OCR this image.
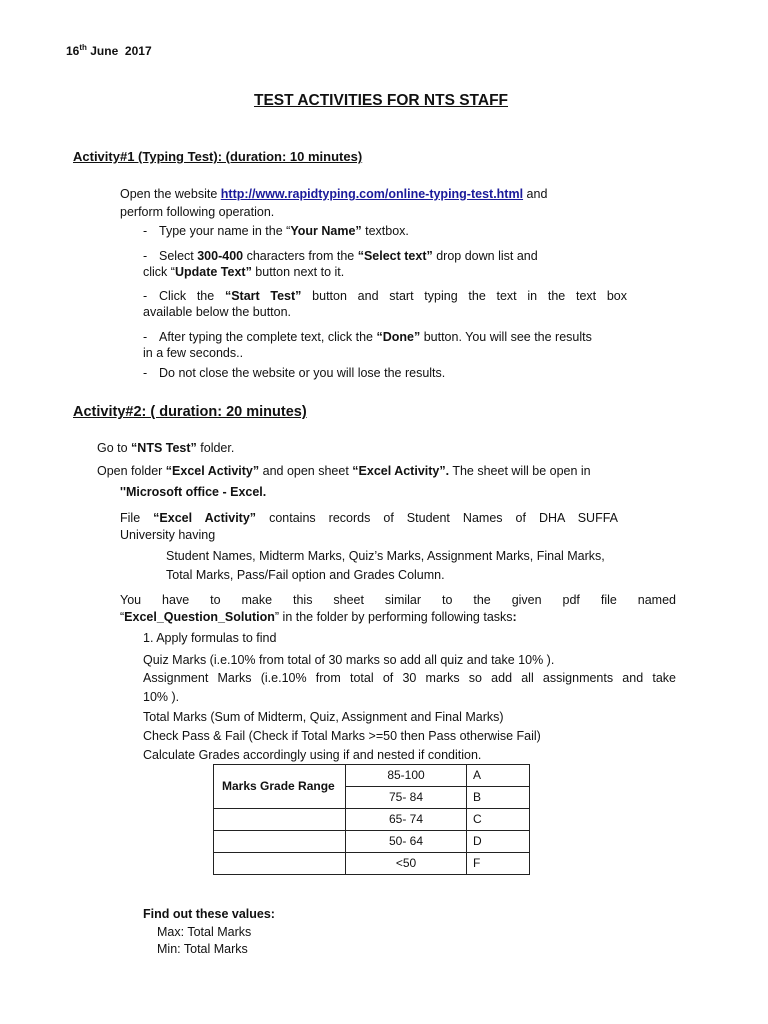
16th June  2017
TEST ACTIVITIES FOR NTS STAFF
Activity#1 (Typing Test): (duration: 10 minutes)
Open the website http://www.rapidtyping.com/online-typing-test.html and
perform following operation.
- Type your name in the “Your Name” textbox.
- Select 300-400 characters from the “Select text” drop down list and
click “Update Text” button next to it.
- Click the “Start Test” button and start typing the text in the text box
available below the button.
- After typing the complete text, click the “Done” button. You will see the results
in a few seconds..
- Do not close the website or you will lose the results.
Activity#2: ( duration: 20 minutes)
Go to “NTS Test” folder.
Open folder “Excel Activity” and open sheet “Excel Activity”. The sheet will be open in
''Microsoft office - Excel.
File “Excel Activity” contains records of Student Names of DHA SUFFA
University having
Student Names, Midterm Marks, Quiz’s Marks, Assignment Marks, Final Marks,
Total Marks, Pass/Fail option and Grades Column.
You have to make this sheet similar to the given pdf file named
“Excel_Question_Solution” in the folder by performing following tasks:
1. Apply formulas to find
Quiz Marks (i.e.10% from total of 30 marks so add all quiz and take 10% ).
Assignment Marks (i.e.10% from total of 30 marks so add all assignments and take
10% ).
Total Marks (Sum of Midterm, Quiz, Assignment and Final Marks)
Check Pass & Fail (Check if Total Marks >=50 then Pass otherwise Fail)
Calculate Grades accordingly using if and nested if condition.
Marks Grade Range	85-100	A
	75- 84	B
	65- 74	C
	50- 64	D
	<50	F
Find out these values:
Max: Total Marks
Min: Total Marks
